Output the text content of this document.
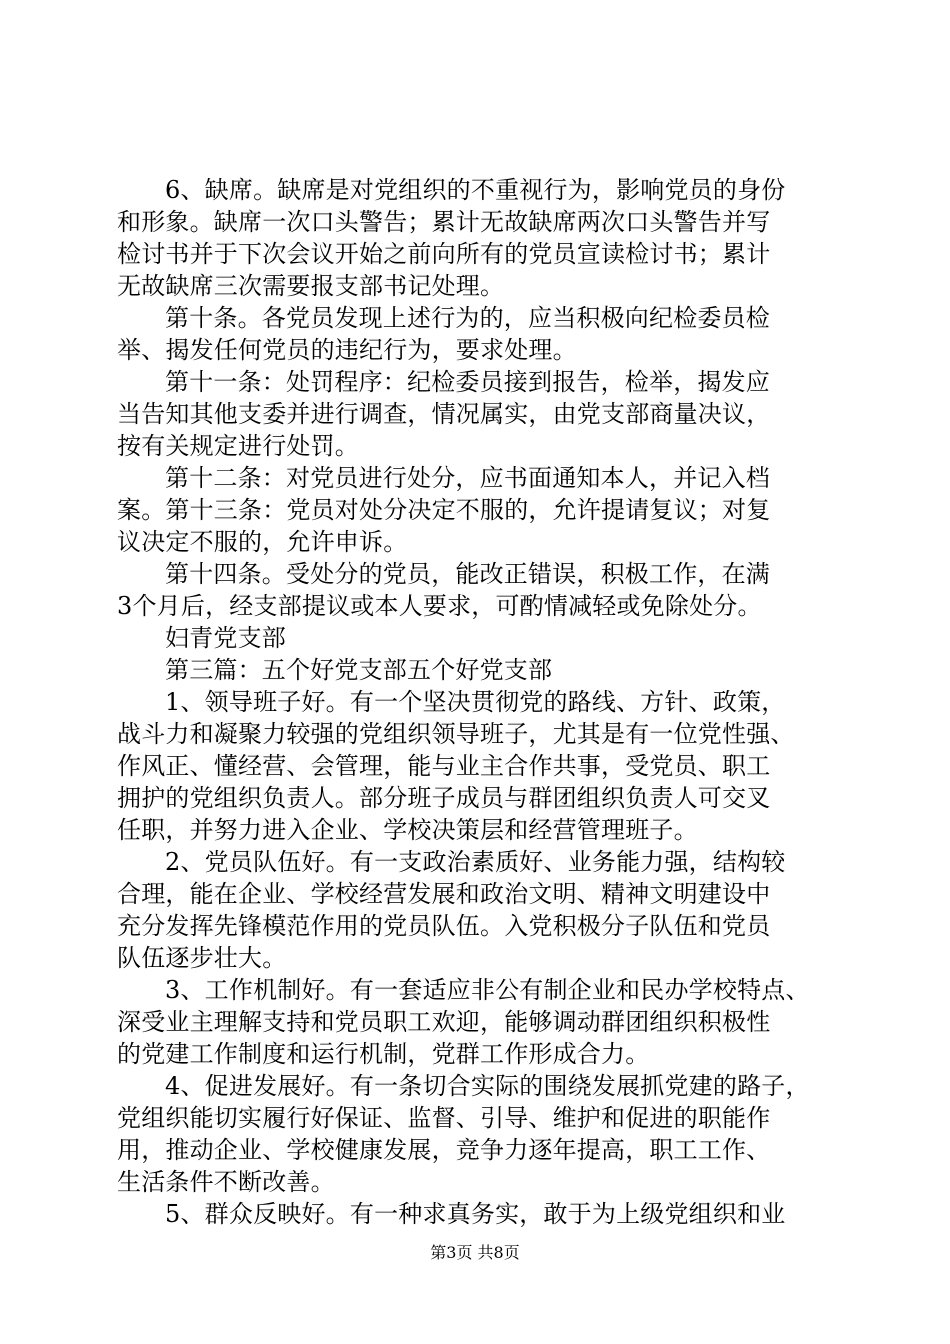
6、缺席。缺席是对党组织的不重视行为，影响党员的身份
和形象。缺席一次口头警告；累计无故缺席两次口头警告并写
检讨书并于下次会议开始之前向所有的党员宣读检讨书；累计
无故缺席三次需要报支部书记处理。
第十条。各党员发现上述行为的，应当积极向纪检委员检
举、揭发任何党员的违纪行为，要求处理。
第十一条：处罚程序：纪检委员接到报告，检举，揭发应
当告知其他支委并进行调查，情况属实，由党支部商量决议，
按有关规定进行处罚。
第十二条：对党员进行处分，应书面通知本人，并记入档
案。第十三条：党员对处分决定不服的，允许提请复议；对复
议决定不服的，允许申诉。
第十四条。受处分的党员，能改正错误，积极工作，在满
3个月后，经支部提议或本人要求，可酌情减轻或免除处分。
妇青党支部
第三篇：五个好党支部五个好党支部
1、领导班子好。有一个坚决贯彻党的路线、方针、政策，
战斗力和凝聚力较强的党组织领导班子，尤其是有一位党性强、
作风正、懂经营、会管理，能与业主合作共事，受党员、职工
拥护的党组织负责人。部分班子成员与群团组织负责人可交叉
任职，并努力进入企业、学校决策层和经营管理班子。
2、党员队伍好。有一支政治素质好、业务能力强，结构较
合理，能在企业、学校经营发展和政治文明、精神文明建设中
充分发挥先锋模范作用的党员队伍。入党积极分子队伍和党员
队伍逐步壮大。
3、工作机制好。有一套适应非公有制企业和民办学校特点、
深受业主理解支持和党员职工欢迎，能够调动群团组织积极性
的党建工作制度和运行机制，党群工作形成合力。
4、促进发展好。有一条切合实际的围绕发展抓党建的路子，
党组织能切实履行好保证、监督、引导、维护和促进的职能作
用，推动企业、学校健康发展，竞争力逐年提高，职工工作、
生活条件不断改善。
5、群众反映好。有一种求真务实，敢于为上级党组织和业
第3页 共8页
